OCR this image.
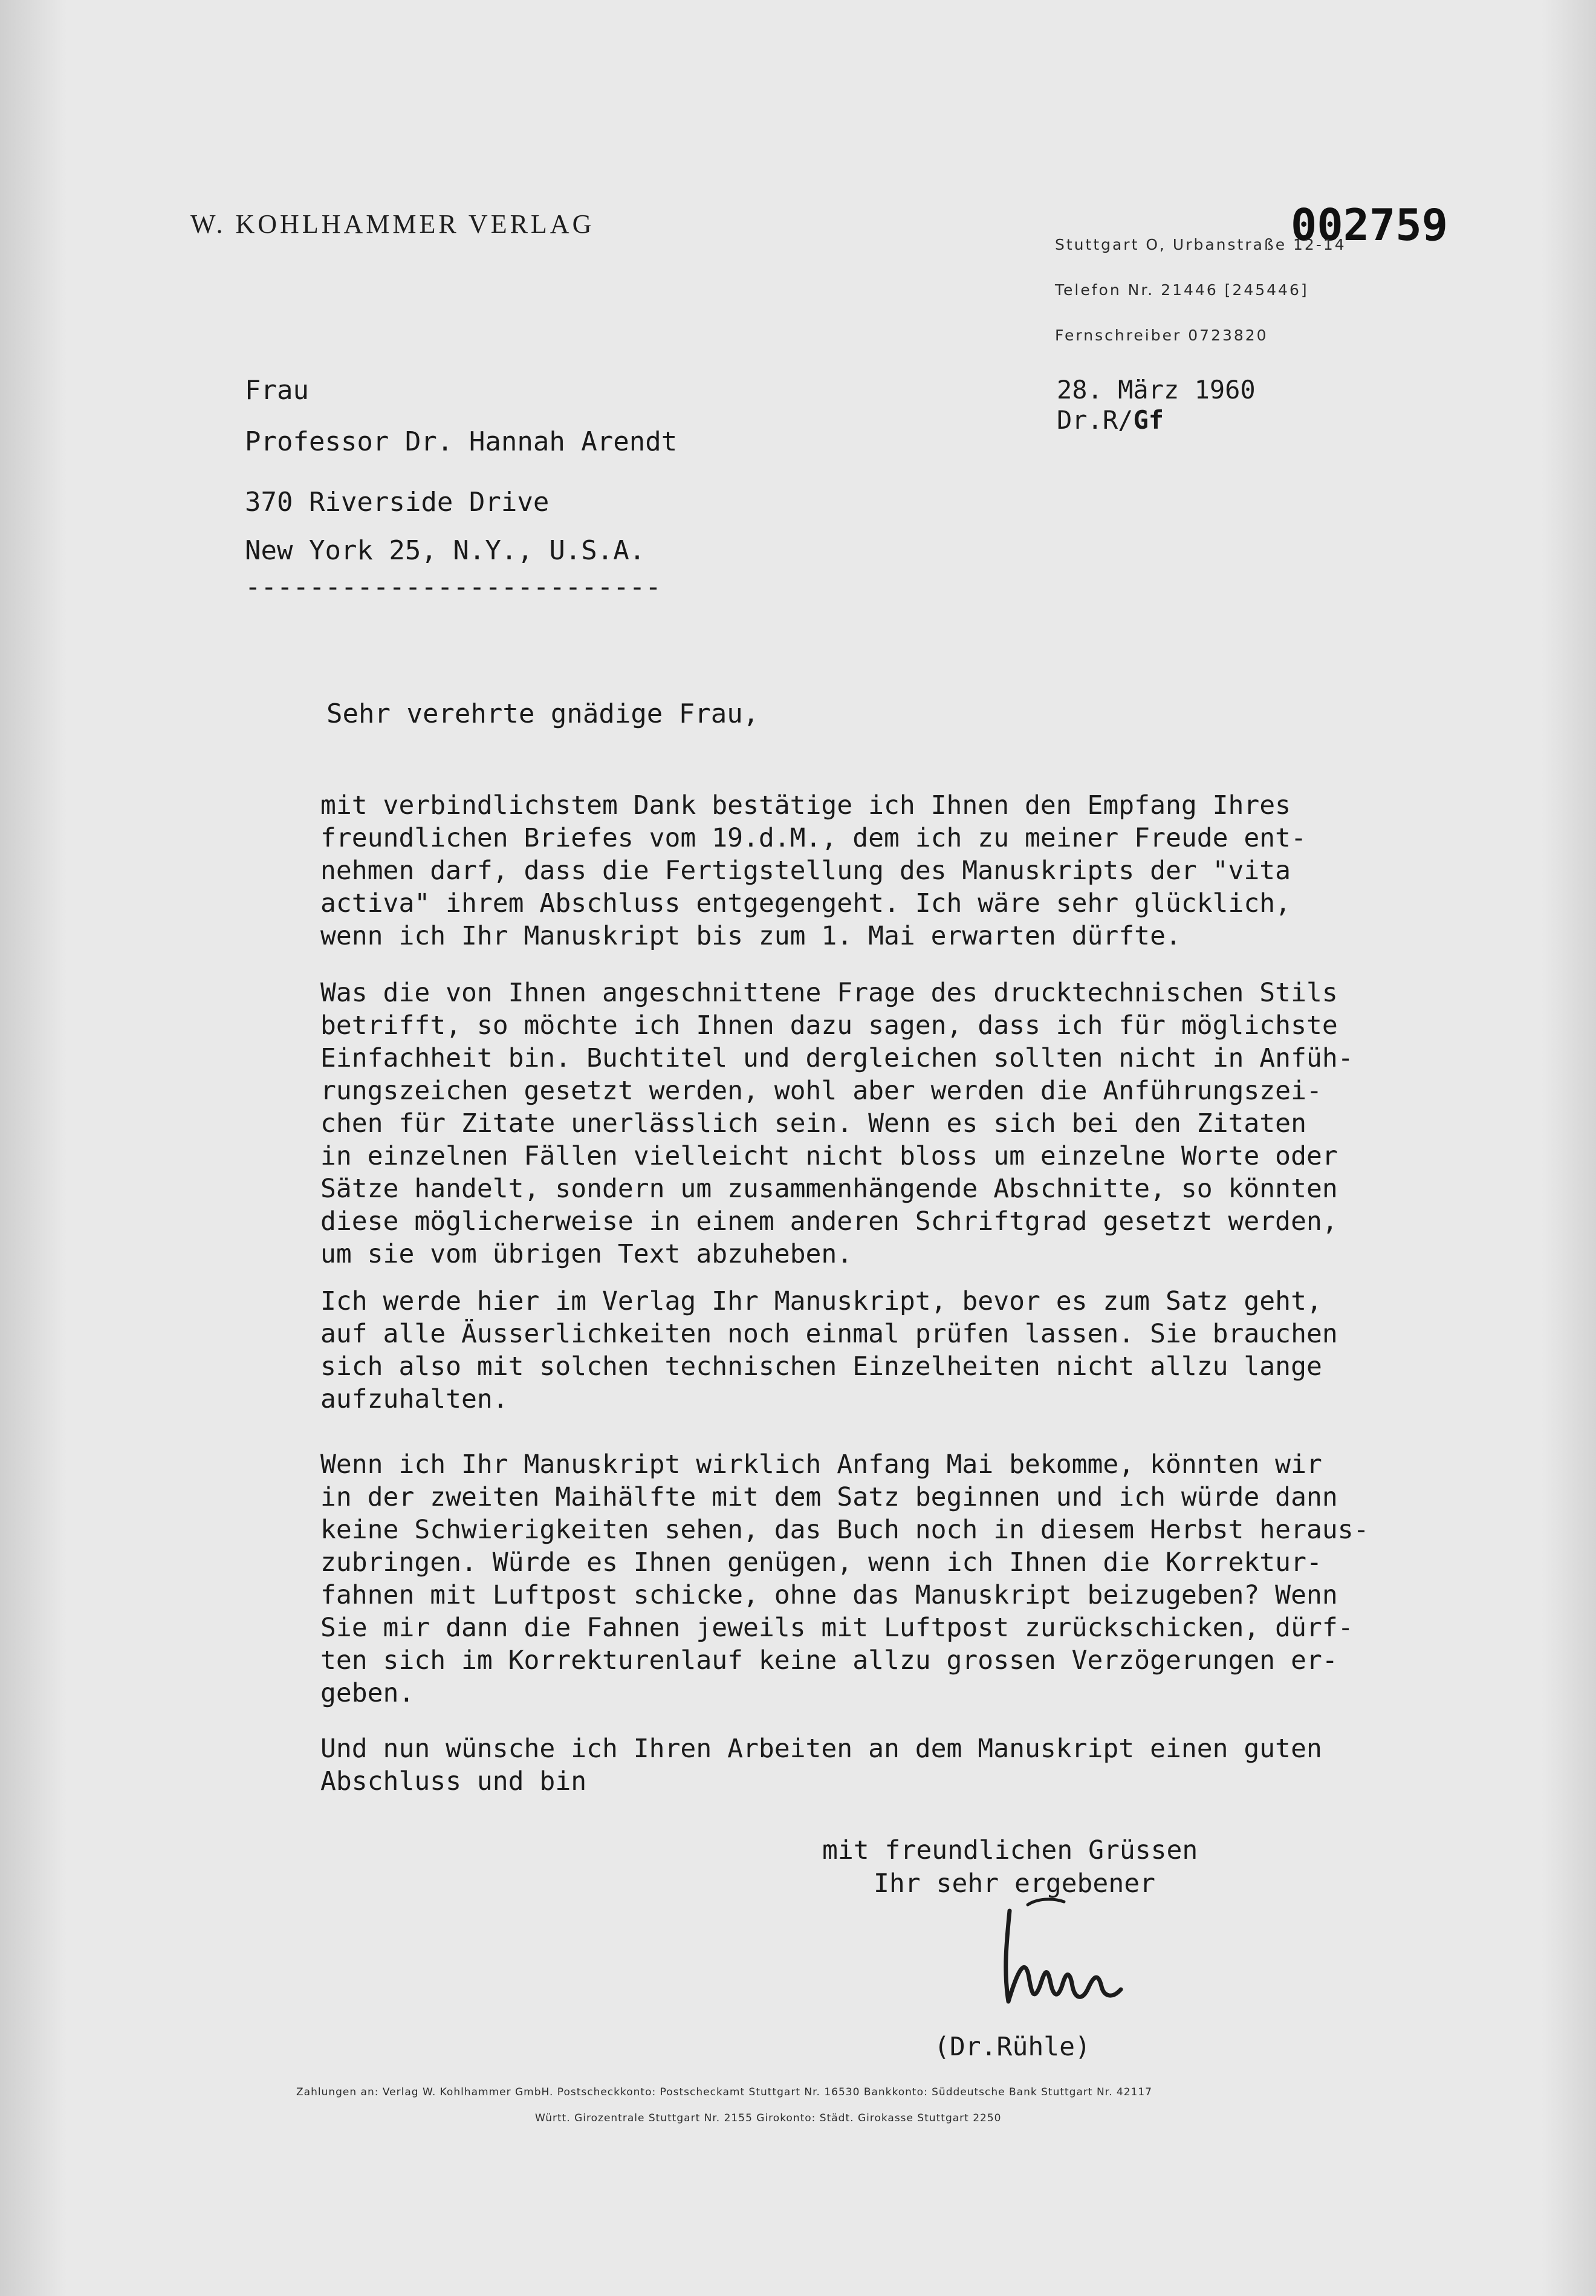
W. KOHLHAMMER VERLAG	002759
Stuttgart O, Urbanstraße 12-14
Telefon Nr. 21446 [245446]
Fernschreiber 0723820
28. März 1960
Dr.R/Gf
Frau
Professor Dr. Hannah Arendt
370 Riverside Drive
New York 25, N.Y., U.S.A.
--------------------------
Sehr verehrte gnädige Frau,
mit verbindlichstem Dank bestätige ich Ihnen den Empfang Ihres
freundlichen Briefes vom 19.d.M., dem ich zu meiner Freude ent-
nehmen darf, dass die Fertigstellung des Manuskripts der "vita
activa" ihrem Abschluss entgegengeht. Ich wäre sehr glücklich,
wenn ich Ihr Manuskript bis zum 1. Mai erwarten dürfte.
Was die von Ihnen angeschnittene Frage des drucktechnischen Stils
betrifft, so möchte ich Ihnen dazu sagen, dass ich für möglichste
Einfachheit bin. Buchtitel und dergleichen sollten nicht in Anfüh-
rungszeichen gesetzt werden, wohl aber werden die Anführungszei-
chen für Zitate unerlässlich sein. Wenn es sich bei den Zitaten
in einzelnen Fällen vielleicht nicht bloss um einzelne Worte oder
Sätze handelt, sondern um zusammenhängende Abschnitte, so könnten
diese möglicherweise in einem anderen Schriftgrad gesetzt werden,
um sie vom übrigen Text abzuheben.
Ich werde hier im Verlag Ihr Manuskript, bevor es zum Satz geht,
auf alle Äusserlichkeiten noch einmal prüfen lassen. Sie brauchen
sich also mit solchen technischen Einzelheiten nicht allzu lange
aufzuhalten.
Wenn ich Ihr Manuskript wirklich Anfang Mai bekomme, könnten wir
in der zweiten Maihälfte mit dem Satz beginnen und ich würde dann
keine Schwierigkeiten sehen, das Buch noch in diesem Herbst heraus-
zubringen. Würde es Ihnen genügen, wenn ich Ihnen die Korrektur-
fahnen mit Luftpost schicke, ohne das Manuskript beizugeben? Wenn
Sie mir dann die Fahnen jeweils mit Luftpost zurückschicken, dürf-
ten sich im Korrekturenlauf keine allzu grossen Verzögerungen er-
geben.
Und nun wünsche ich Ihren Arbeiten an dem Manuskript einen guten
Abschluss und bin
mit freundlichen Grüssen
Ihr sehr ergebener
(Dr.Rühle)
Zahlungen an: Verlag W. Kohlhammer GmbH. Postscheckkonto: Postscheckamt Stuttgart Nr. 16530 Bankkonto: Süddeutsche Bank Stuttgart Nr. 42117
Württ. Girozentrale Stuttgart Nr. 2155 Girokonto: Städt. Girokasse Stuttgart 2250
